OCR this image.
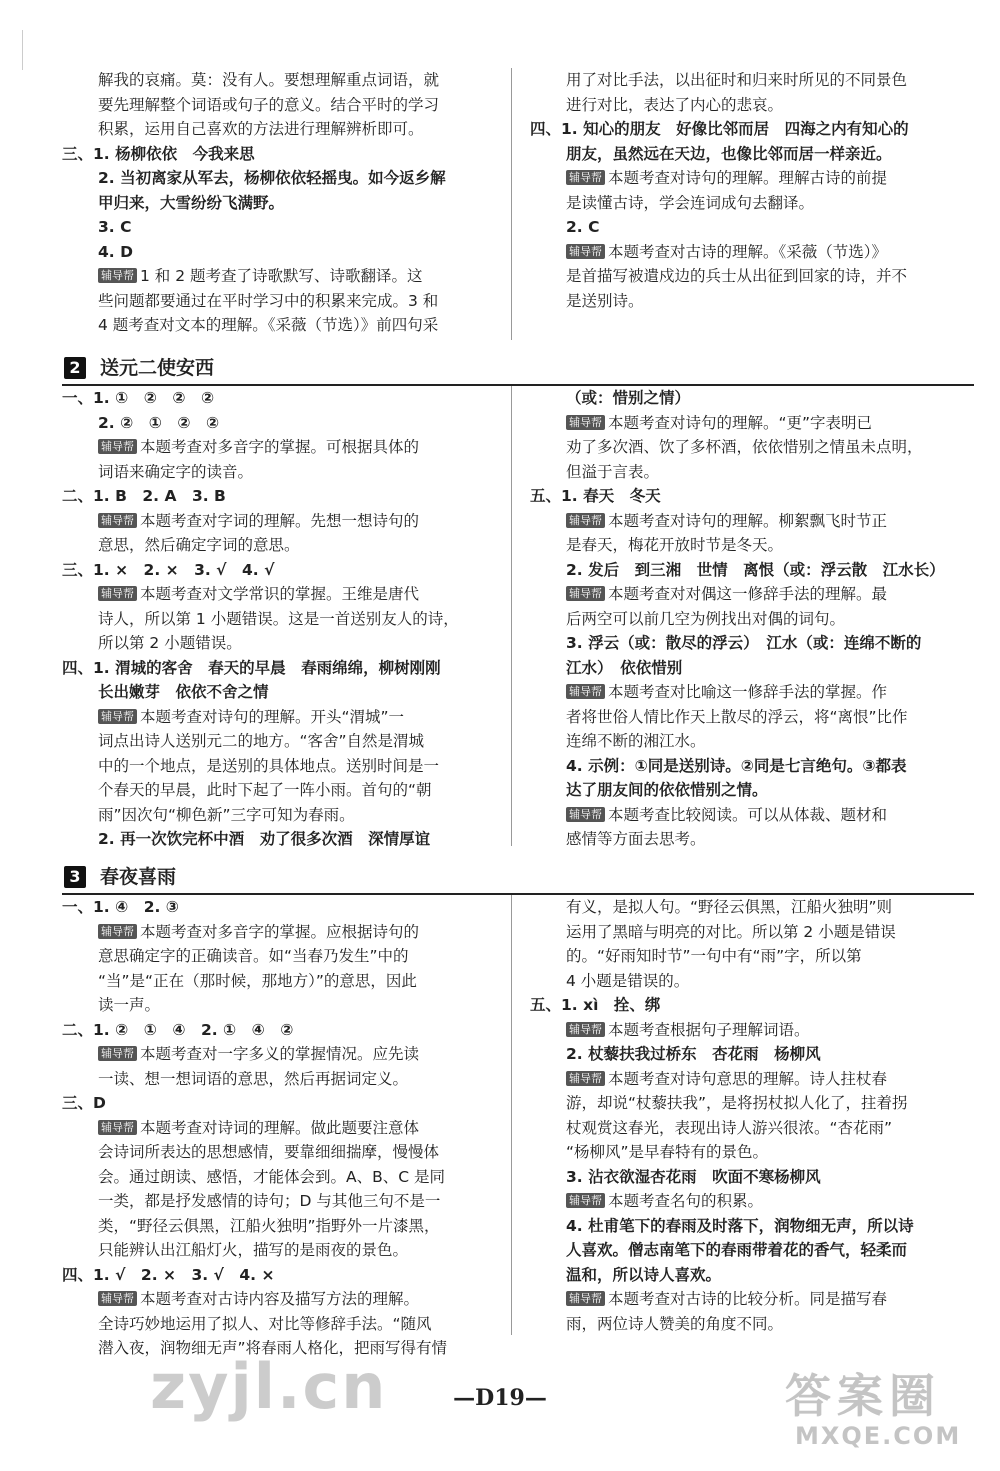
解我的哀痛。莫：没有人。要想理解重点词语，就

要先理解整个词语或句子的意义。结合平时的学习

积累，运用自己喜欢的方法进行理解辨析即可。

三、1. 杨柳依依　今我来思

2. 当初离家从军去，杨柳依依轻摇曳。如今返乡解

甲归来，大雪纷纷飞满野。

3. C

4. D

辅导帮 1 和 2 题考查了诗歌默写、诗歌翻译。这

些问题都要通过在平时学习中的积累来完成。3 和

4 题考查对文本的理解。《采薇（节选）》前四句采

用了对比手法，以出征时和归来时所见的不同景色

进行对比，表达了内心的悲哀。

四、1. 知心的朋友　好像比邻而居　四海之内有知心的

朋友，虽然远在天边，也像比邻而居一样亲近。

辅导帮 本题考查对诗句的理解。理解古诗的前提

是读懂古诗，学会连词成句去翻译。

2. C

辅导帮 本题考查对古诗的理解。《采薇（节选）》

是首描写被遣戍边的兵士从出征到回家的诗，并不

是送别诗。

2 送元二使安西

一、1. ①　②　②　②

2. ②　①　②　②

辅导帮 本题考查对多音字的掌握。可根据具体的

词语来确定字的读音。

二、1. B　2. A　3. B

辅导帮 本题考查对字词的理解。先想一想诗句的

意思，然后确定字词的意思。

三、1. ×　2. ×　3. √　4. √

辅导帮 本题考查对文学常识的掌握。王维是唐代

诗人，所以第 1 小题错误。这是一首送别友人的诗，

所以第 2 小题错误。

四、1. 渭城的客舍　春天的早晨　春雨绵绵，柳树刚刚

长出嫩芽　依依不舍之情

辅导帮 本题考查对诗句的理解。开头“渭城”一

词点出诗人送别元二的地方。“客舍”自然是渭城

中的一个地点，是送别的具体地点。送别时间是一

个春天的早晨，此时下起了一阵小雨。首句的“朝

雨”因次句“柳色新”三字可知为春雨。

2. 再一次饮完杯中酒　劝了很多次酒　深情厚谊

（或：惜别之情）

辅导帮 本题考查对诗句的理解。“更”字表明已

劝了多次酒、饮了多杯酒，依依惜别之情虽未点明，

但溢于言表。

五、1. 春天　冬天

辅导帮 本题考查对诗句的理解。柳絮飘飞时节正

是春天，梅花开放时节是冬天。

2. 发后　到三湘　世情　离恨（或：浮云散　江水长）

辅导帮 本题考查对对偶这一修辞手法的理解。最

后两空可以前几空为例找出对偶的词句。

3. 浮云（或：散尽的浮云）　江水（或：连绵不断的

江水）　依依惜别

辅导帮 本题考查对比喻这一修辞手法的掌握。作

者将世俗人情比作天上散尽的浮云，将“离恨”比作

连绵不断的湘江水。

4. 示例：①同是送别诗。②同是七言绝句。③都表

达了朋友间的依依惜别之情。

辅导帮 本题考查比较阅读。可以从体裁、题材和

感情等方面去思考。

3 春夜喜雨

一、1. ④　2. ③

辅导帮 本题考查对多音字的掌握。应根据诗句的

意思确定字的正确读音。如“当春乃发生”中的

“当”是“正在（那时候，那地方）”的意思，因此

读一声。

二、1. ②　①　④　2. ①　④　②

辅导帮 本题考查对一字多义的掌握情况。应先读

一读、想一想词语的意思，然后再据词定义。

三、D

辅导帮 本题考查对诗词的理解。做此题要注意体

会诗词所表达的思想感情，要靠细细揣摩，慢慢体

会。通过朗读、感悟，才能体会到。A、B、C 是同

一类，都是抒发感情的诗句；D 与其他三句不是一

类，“野径云俱黑，江船火独明”指野外一片漆黑，

只能辨认出江船灯火，描写的是雨夜的景色。

四、1. √　2. ×　3. √　4. ×

辅导帮 本题考查对古诗内容及描写方法的理解。

全诗巧妙地运用了拟人、对比等修辞手法。“随风

潜入夜，润物细无声”将春雨人格化，把雨写得有情

有义，是拟人句。“野径云俱黑，江船火独明”则

运用了黑暗与明亮的对比。所以第 2 小题是错误

的。“好雨知时节”一句中有“雨”字，所以第

4 小题是错误的。

五、1. xì　拴、绑

辅导帮 本题考查根据句子理解词语。

2. 杖藜扶我过桥东　杏花雨　杨柳风

辅导帮 本题考查对诗句意思的理解。诗人拄杖春

游，却说“杖藜扶我”，是将拐杖拟人化了，拄着拐

杖观赏这春光，表现出诗人游兴很浓。“杏花雨”

“杨柳风”是早春特有的景色。

3. 沾衣欲湿杏花雨　吹面不寒杨柳风

辅导帮 本题考查名句的积累。

4. 杜甫笔下的春雨及时落下，润物细无声，所以诗

人喜欢。僧志南笔下的春雨带着花的香气，轻柔而

温和，所以诗人喜欢。

辅导帮 本题考查对古诗的比较分析。同是描写春

雨，两位诗人赞美的角度不同。

zyjl.cn	—D19—	答案圈
MXQE.COM
